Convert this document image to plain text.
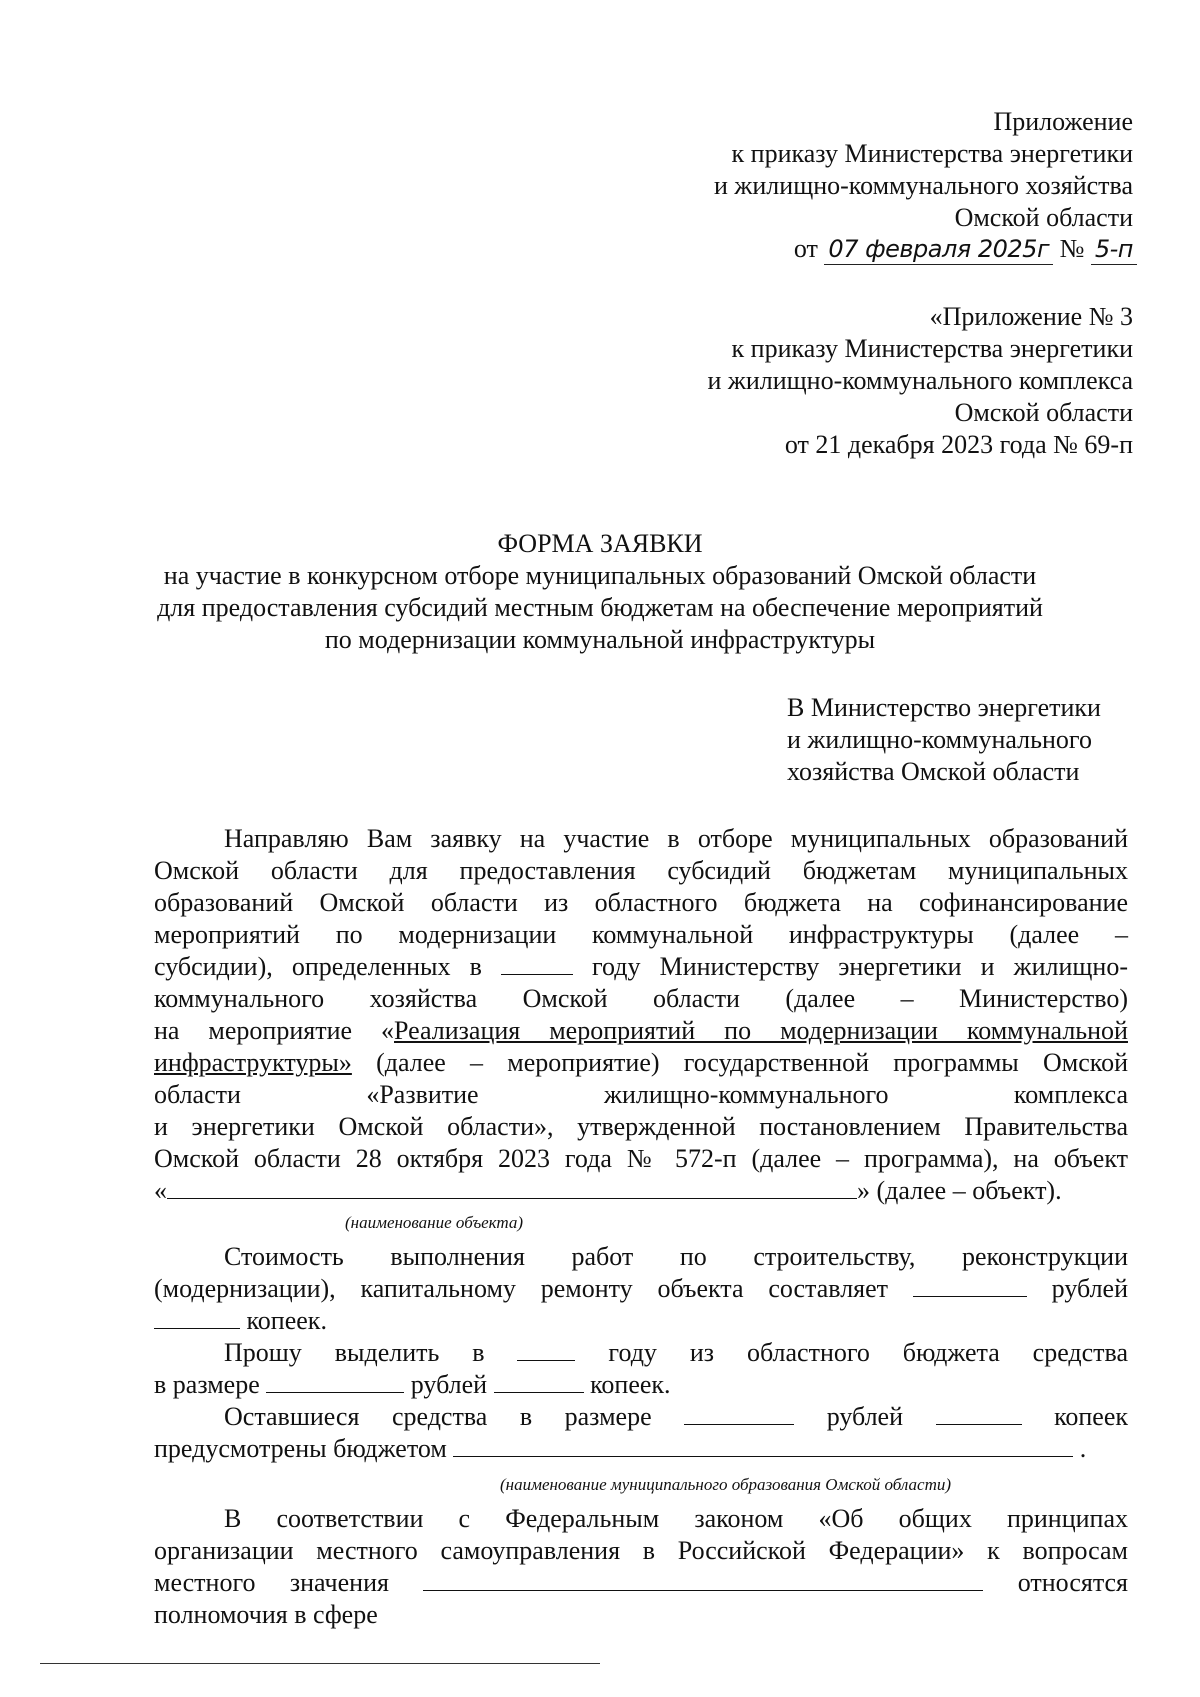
Приложение
к приказу Министерства энергетики
и жилищно-коммунального хозяйства
Омской области
от 07 февраля 2025г № 5-п
«Приложение № 3
к приказу Министерства энергетики
и жилищно-коммунального комплекса
Омской области
от 21 декабря 2023 года № 69-п
ФОРМА ЗАЯВКИ
на участие в конкурсном отборе муниципальных образований Омской области
для предоставления субсидий местным бюджетам на обеспечение мероприятий
по модернизации коммунальной инфраструктуры
В Министерство энергетики
и жилищно-коммунального
хозяйства Омской области
Направляю Вам заявку на участие в отборе муниципальных образований
Омской области для предоставления субсидий бюджетам муниципальных
образований Омской области из областного бюджета на софинансирование
мероприятий по модернизации коммунальной инфраструктуры (далее –
субсидии), определенных в	году Министерству энергетики и жилищно-
коммунального хозяйства Омской области (далее – Министерство)
на мероприятие «Реализация мероприятий по модернизации коммунальной
инфраструктуры» (далее – мероприятие) государственной программы Омской
области «Развитие жилищно-коммунального комплекса
и энергетики Омской области», утвержденной постановлением Правительства
Омской области 28 октября 2023 года № 572-п (далее – программа), на объект
«	» (далее – объект).
(наименование объекта)
Стоимость выполнения работ по строительству, реконструкции
(модернизации), капитальному ремонту объекта составляет	рублей
копеек.
Прошу выделить в	году из областного бюджета средства
в размере	рублей	копеек.
Оставшиеся средства в размере	рублей	копеек
предусмотрены бюджетом	.
(наименование муниципального образования Омской области)
В соответствии с Федеральным законом «Об общих принципах
организации местного самоуправления в Российской Федерации» к вопросам
местного значения	относятся
полномочия в сфере
